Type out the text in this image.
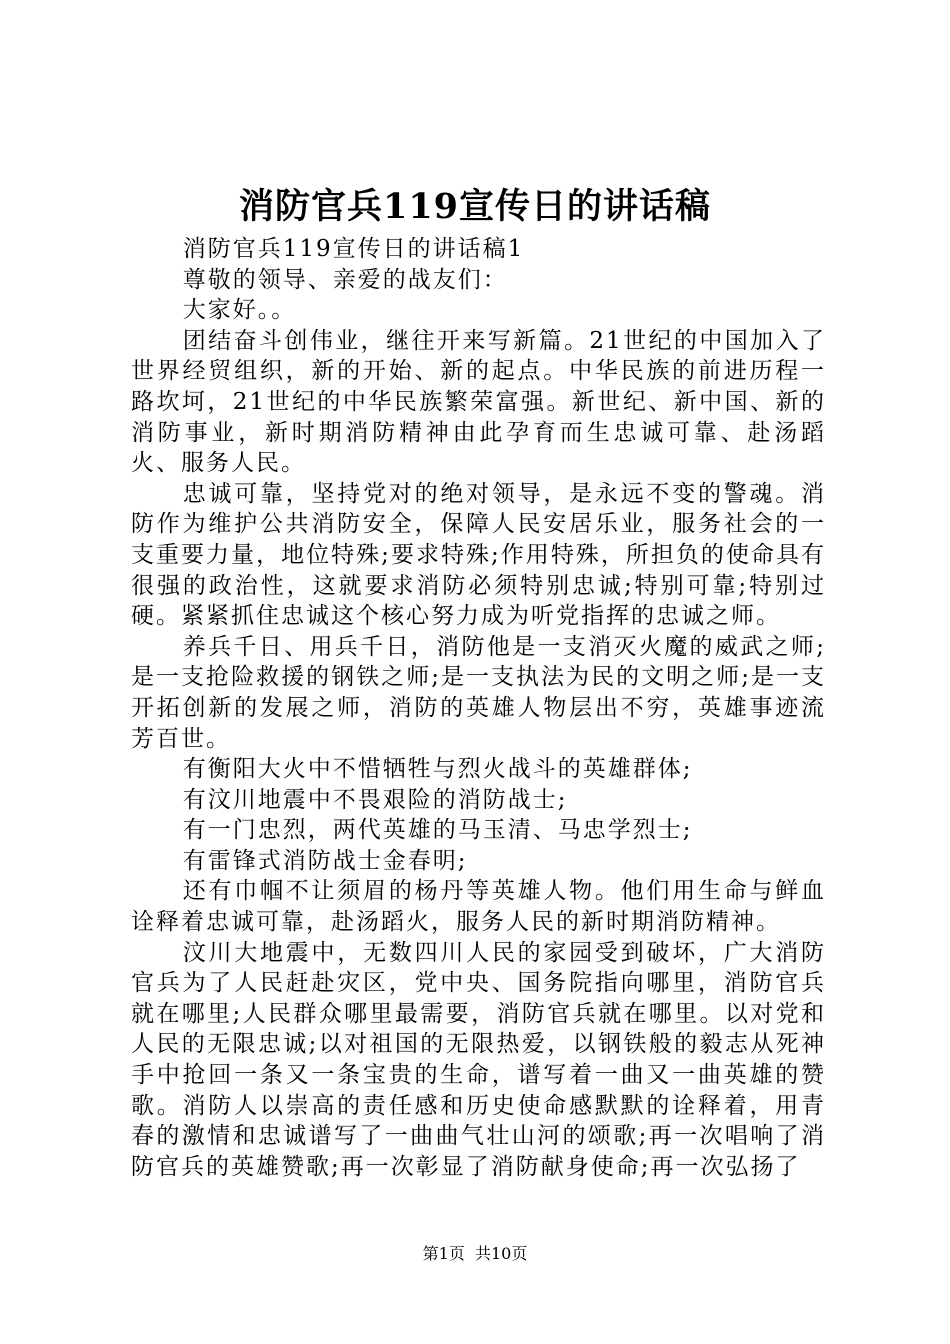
消防官兵119宣传日的讲话稿

消防官兵119宣传日的讲话稿1

尊敬的领导、亲爱的战友们：

大家好。。

团结奋斗创伟业，继往开来写新篇。21世纪的中国加入了世界经贸组织，新的开始、新的起点。中华民族的前进历程一路坎坷，21世纪的中华民族繁荣富强。新世纪、新中国、新的消防事业，新时期消防精神由此孕育而生忠诚可靠、赴汤蹈火、服务人民。

忠诚可靠，坚持党对的绝对领导，是永远不变的警魂。消防作为维护公共消防安全，保障人民安居乐业，服务社会的一支重要力量，地位特殊;要求特殊;作用特殊，所担负的使命具有很强的政治性，这就要求消防必须特别忠诚;特别可靠;特别过硬。紧紧抓住忠诚这个核心努力成为听党指挥的忠诚之师。

养兵千日、用兵千日，消防他是一支消灭火魔的威武之师;是一支抢险救援的钢铁之师;是一支执法为民的文明之师;是一支开拓创新的发展之师，消防的英雄人物层出不穷，英雄事迹流芳百世。

有衡阳大火中不惜牺牲与烈火战斗的英雄群体;

有汶川地震中不畏艰险的消防战士;

有一门忠烈，两代英雄的马玉清、马忠学烈士;

有雷锋式消防战士金春明;

还有巾帼不让须眉的杨丹等英雄人物。他们用生命与鲜血诠释着忠诚可靠，赴汤蹈火，服务人民的新时期消防精神。

汶川大地震中，无数四川人民的家园受到破坏，广大消防官兵为了人民赶赴灾区，党中央、国务院指向哪里，消防官兵就在哪里;人民群众哪里最需要，消防官兵就在哪里。以对党和人民的无限忠诚;以对祖国的无限热爱，以钢铁般的毅志从死神手中抢回一条又一条宝贵的生命，谱写着一曲又一曲英雄的赞歌。消防人以崇高的责任感和历史使命感默默的诠释着，用青春的激情和忠诚谱写了一曲曲气壮山河的颂歌;再一次唱响了消防官兵的英雄赞歌;再一次彰显了消防献身使命;再一次弘扬了

第1页  共10页
